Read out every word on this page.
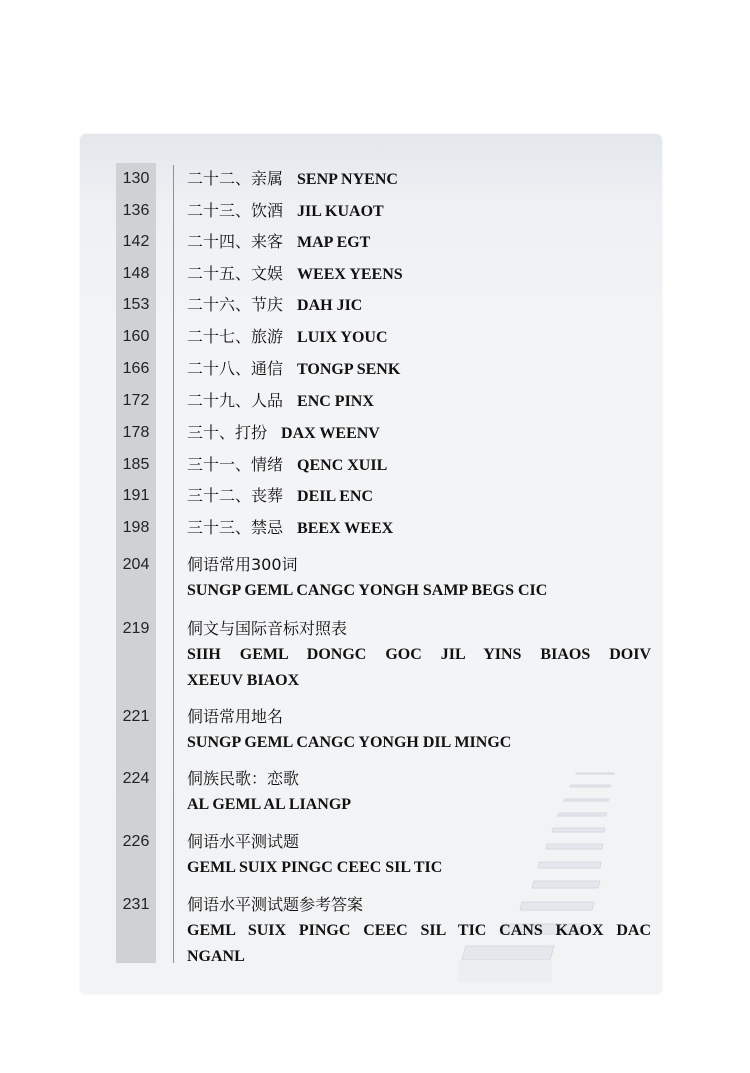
130	二十二、亲属 SENP NYENC
136	二十三、饮酒 JIL KUAOT
142	二十四、来客 MAP EGT
148	二十五、文娱 WEEX YEENS
153	二十六、节庆 DAH JIC
160	二十七、旅游 LUIX YOUC
166	二十八、通信 TONGP SENK
172	二十九、人品 ENC PINX
178	三十、打扮 DAX WEENV
185	三十一、情绪 QENC XUIL
191	三十二、丧葬 DEIL ENC
198	三十三、禁忌 BEEX WEEX
204	侗语常用300词
SUNGP GEML CANGC YONGH SAMP BEGS CIC
219	侗文与国际音标对照表
SIIH GEML DONGC GOC JIL YINS BIAOS DOIV
XEEUV BIAOX
221	侗语常用地名
SUNGP GEML CANGC YONGH DIL MINGC
224	侗族民歌：恋歌
AL GEML AL LIANGP
226	侗语水平测试题
GEML SUIX PINGC CEEC SIL TIC
231	侗语水平测试题参考答案
GEML SUIX PINGC CEEC SIL TIC CANS KAOX DAC
NGANL
